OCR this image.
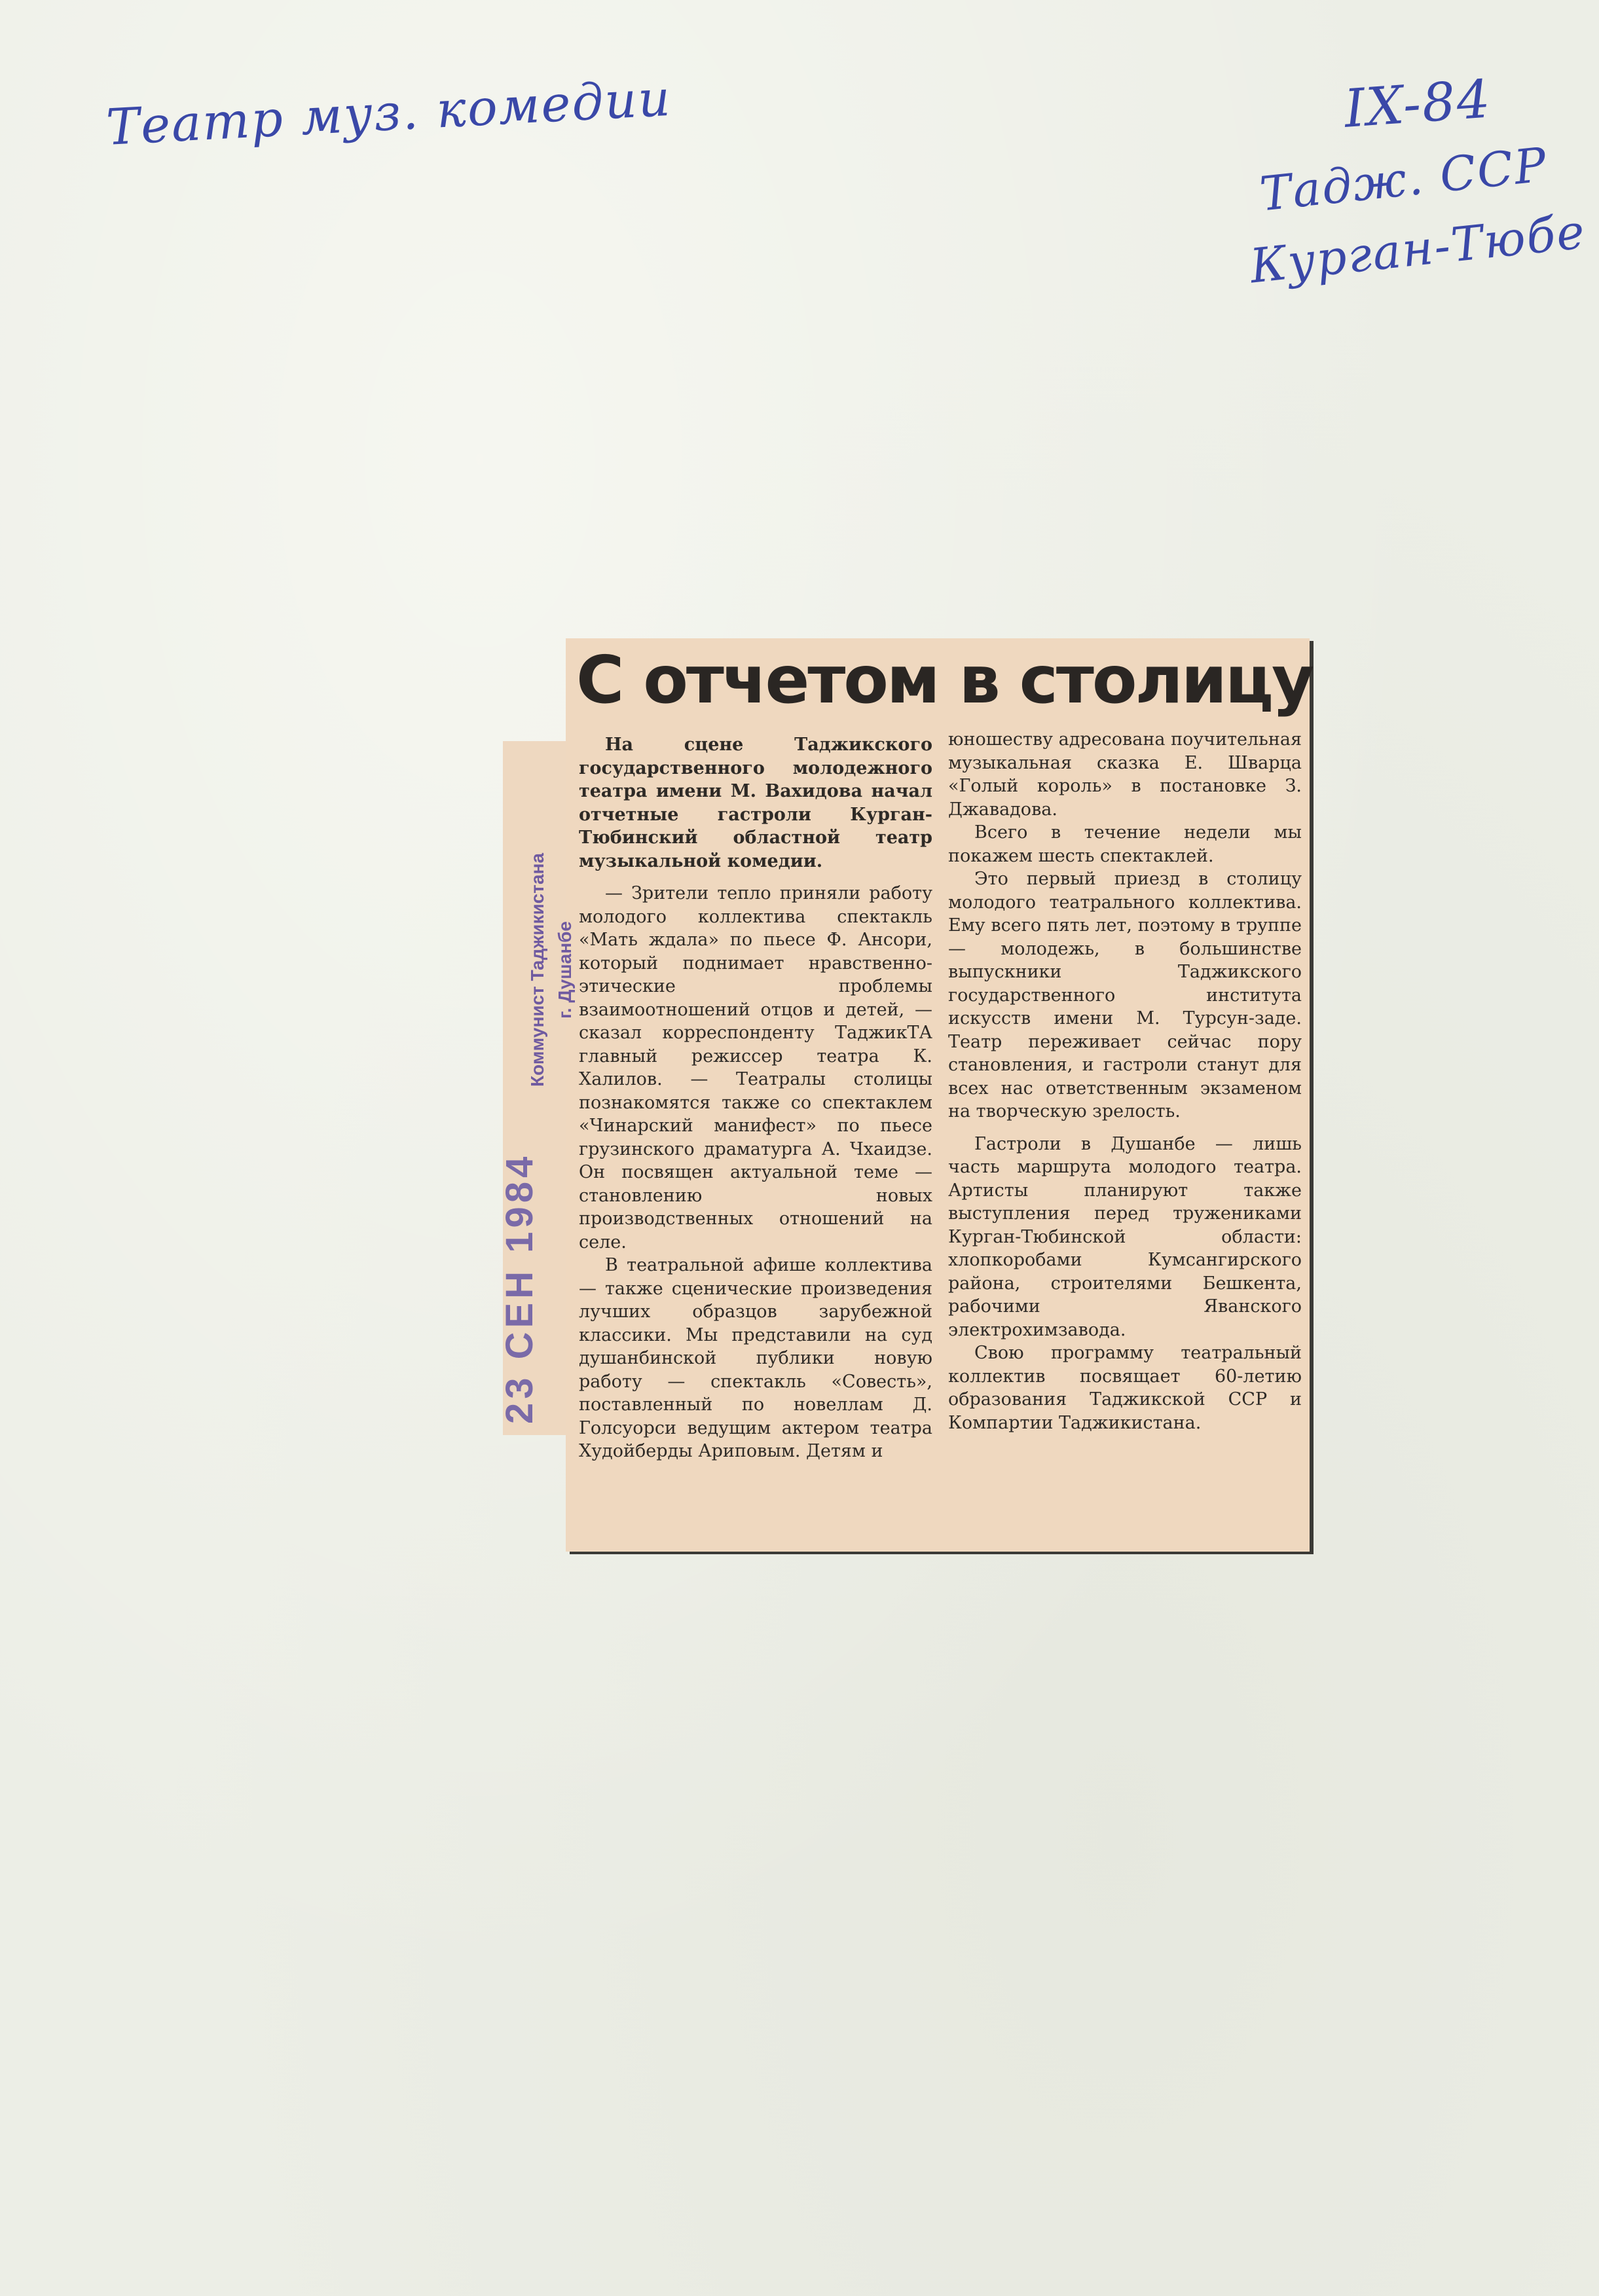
Театр муз. комедии	IX-84
Тадж. ССР
Курган-Тюбе
23 СЕН 1984
Коммунист Таджикистана г. Душанбе
С отчетом в столицу

На сцене Таджикского государственного молодежного театра имени М. Вахидова начал отчетные гастроли Курган-Тюбинский областной театр музыкальной комедии.

— Зрители тепло приняли работу молодого коллектива спектакль «Мать ждала» по пьесе Ф. Ансори, который поднимает нравственно-этические проблемы взаимоотношений отцов и детей, — сказал корреспонденту ТаджикТА главный режиссер театра К. Халилов. — Театралы столицы познакомятся также со спектаклем «Чинарский манифест» по пьесе грузинского драматурга А. Чхаидзе. Он посвящен актуальной теме — становлению новых производственных отношений на селе.

В театральной афише коллектива — также сценические произведения лучших образцов зарубежной классики. Мы представили на суд душанбинской публики новую работу — спектакль «Совесть», поставленный по новеллам Д. Голсуорси ведущим актером театра Худойберды Ариповым. Детям и

юношеству адресована поучительная музыкальная сказка Е. Шварца «Голый король» в постановке З. Джавадова.

Всего в течение недели мы покажем шесть спектаклей.

Это первый приезд в столицу молодого театрального коллектива. Ему всего пять лет, поэтому в труппе — молодежь, в большинстве выпускники Таджикского государственного института искусств имени М. Турсун-заде. Театр переживает сейчас пору становления, и гастроли станут для всех нас ответственным экзаменом на творческую зрелость.

Гастроли в Душанбе — лишь часть маршрута молодого театра. Артисты планируют также выступления перед тружениками Курган-Тюбинской области: хлопкоробами Кумсангирского района, строителями Бешкента, рабочими Яванского электрохимзавода.

Свою программу театральный коллектив посвящает 60-летию образования Таджикской ССР и Компартии Таджикистана.
